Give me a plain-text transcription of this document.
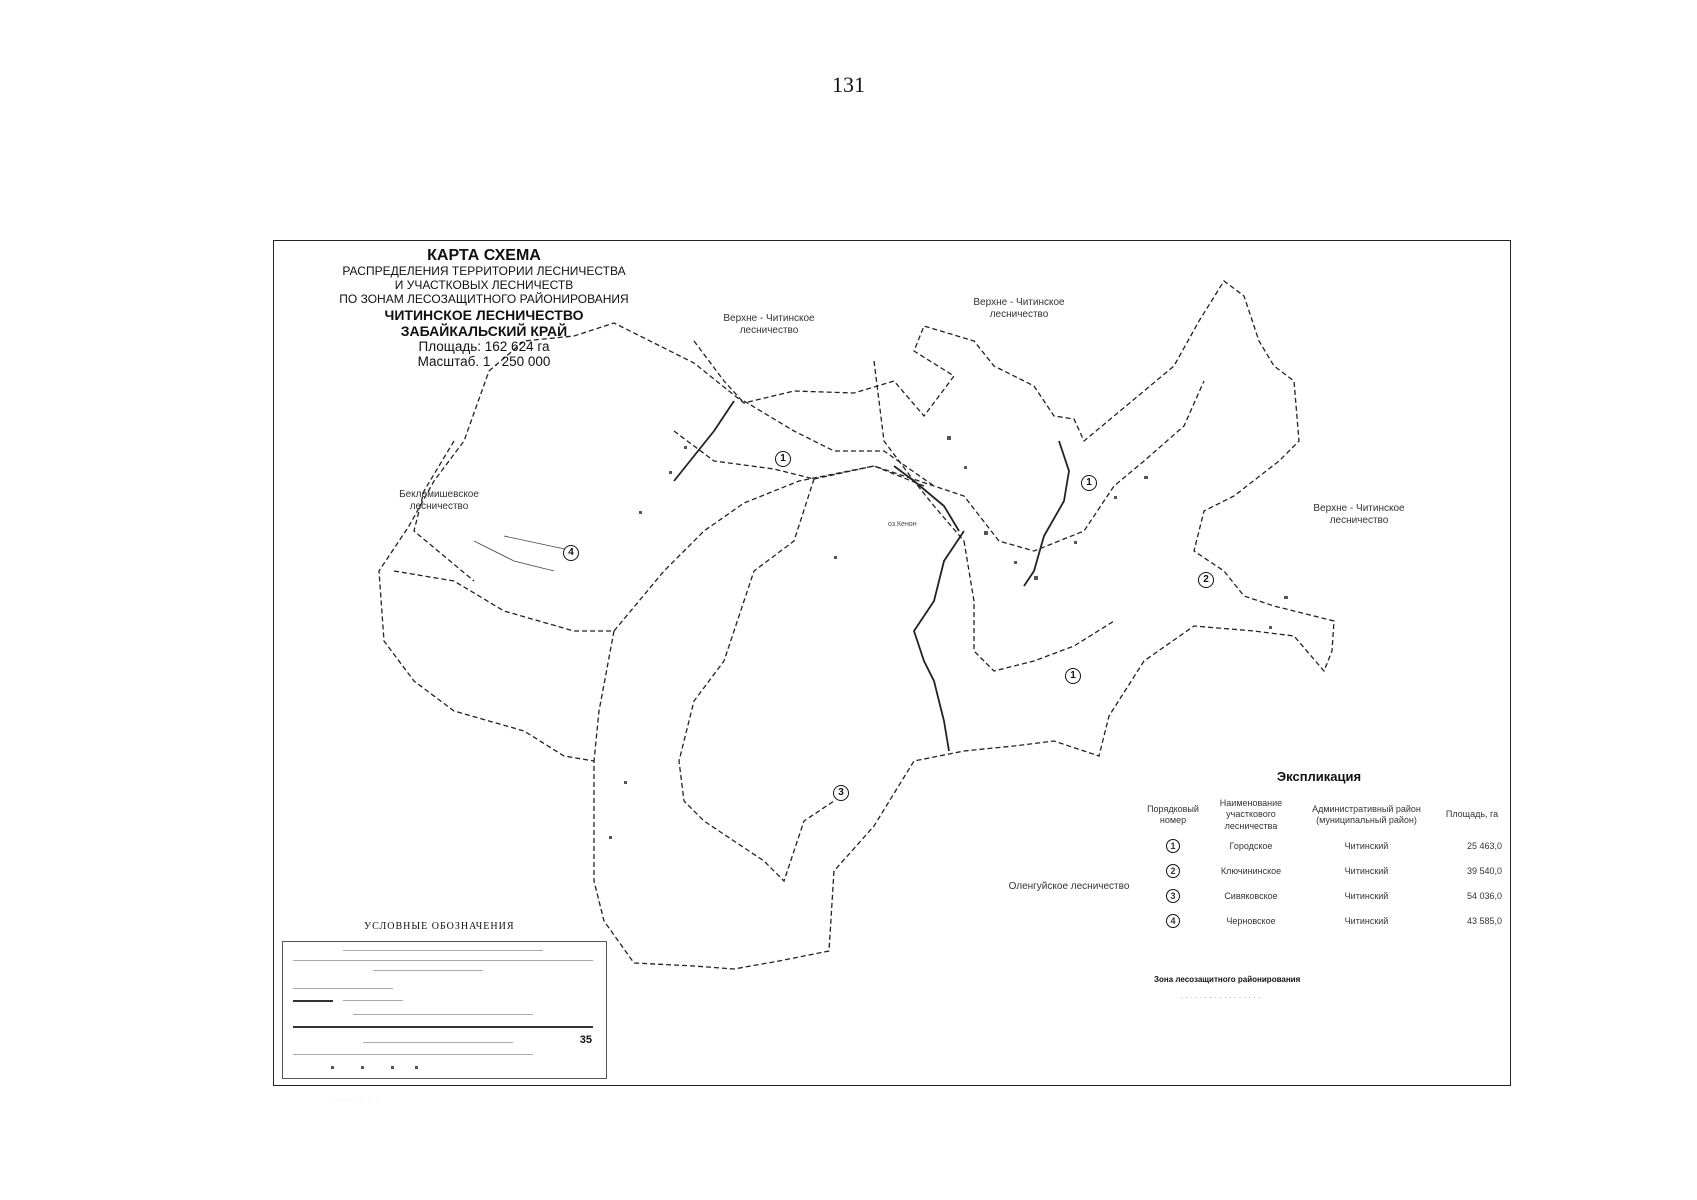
131
КАРТА СХЕМА
РАСПРЕДЕЛЕНИЯ ТЕРРИТОРИИ ЛЕСНИЧЕСТВА
И УЧАСТКОВЫХ ЛЕСНИЧЕСТВ
ПО ЗОНАМ ЛЕСОЗАЩИТНОГО РАЙОНИРОВАНИЯ
ЧИТИНСКОЕ ЛЕСНИЧЕСТВО
ЗАБАЙКАЛЬСКИЙ КРАЙ
Площадь: 162 624 га
Масштаб. 1 . 250 000
Верхне - Читинское лесничество
Верхне - Читинское лесничество
Верхне - Читинское лесничество
Беклемишевское лесничество
Оленгуйское лесничество
оз.Кенон
1
1
1
2
3
4
Экспликация
Порядковый номер	Наименование участкового лесничества	Административный район (муниципальный район)	Площадь, га
1	Городское	Читинский	25 463,0
2	Ключининское	Читинский	39 540,0
3	Сивяковское	Читинский	54 036,0
4	Черновское	Читинский	43 585,0
Зона лесозащитного районирования
· · · · · · · · · · · · · · · · ·
УСЛОВНЫЕ ОБОЗНАЧЕНИЯ
35
· · · · · · ·
